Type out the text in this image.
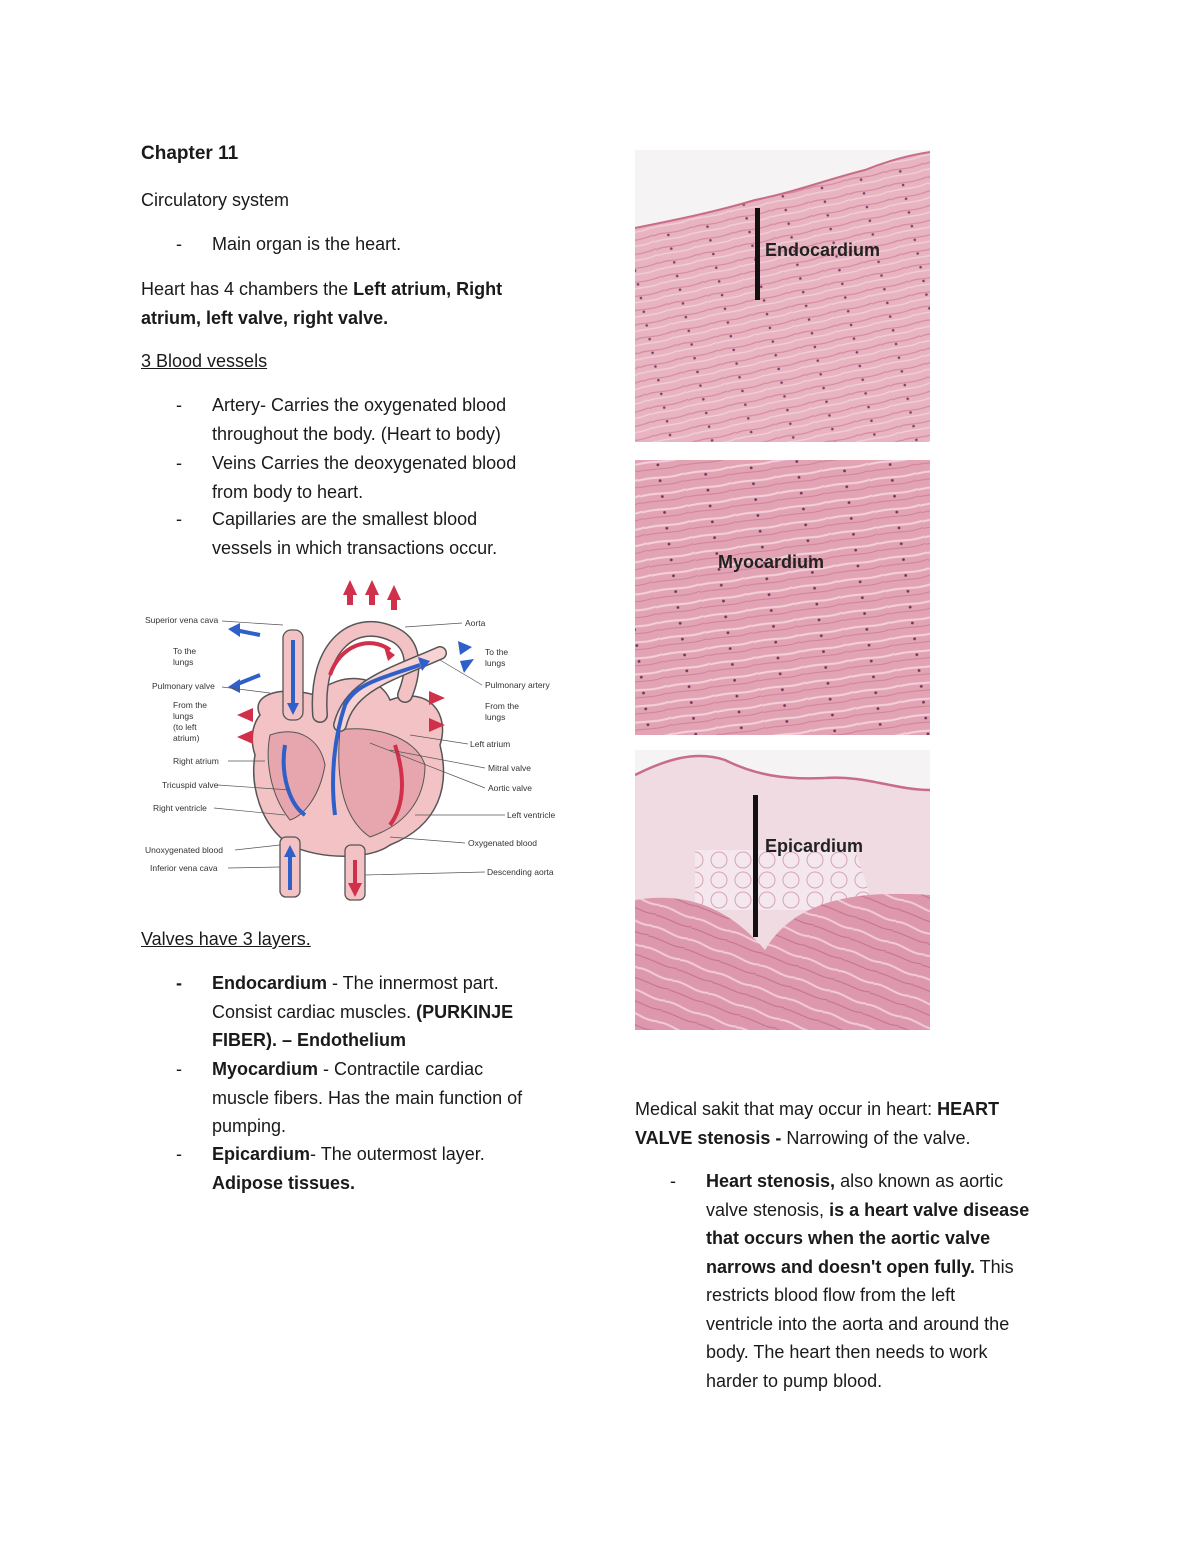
Chapter 11
Circulatory system
- Main organ is the heart.
Heart has 4 chambers the Left atrium, Right
atrium, left valve, right valve.
3 Blood vessels
- Artery- Carries the oxygenated blood
throughout the body. (Heart to body)
- Veins Carries the deoxygenated blood
from body to heart.
- Capillaries are the smallest blood
vessels in which transactions occur.
Superior vena cava
To the
lungs
Pulmonary valve
From the
lungs
(to left
atrium)
Right atrium
Tricuspid valve
Right ventricle
Unoxygenated blood
Inferior vena cava
Aorta
To the
lungs
Pulmonary artery
From the
lungs
Left atrium
Mitral valve
Aortic valve
Left ventricle
Oxygenated blood
Descending aorta
Valves have 3 layers.
- Endocardium - The innermost part.
Consist cardiac muscles. (PURKINJE
FIBER). – Endothelium
- Myocardium - Contractile cardiac
muscle fibers. Has the main function of
pumping.
- Epicardium- The outermost layer.
Adipose tissues.
Endocardium
Myocardium
Epicardium
Medical sakit that may occur in heart: HEART
VALVE stenosis - Narrowing of the valve.
- Heart stenosis, also known as aortic
valve stenosis, is a heart valve disease
that occurs when the aortic valve
narrows and doesn't open fully. This
restricts blood flow from the left
ventricle into the aorta and around the
body. The heart then needs to work
harder to pump blood.
